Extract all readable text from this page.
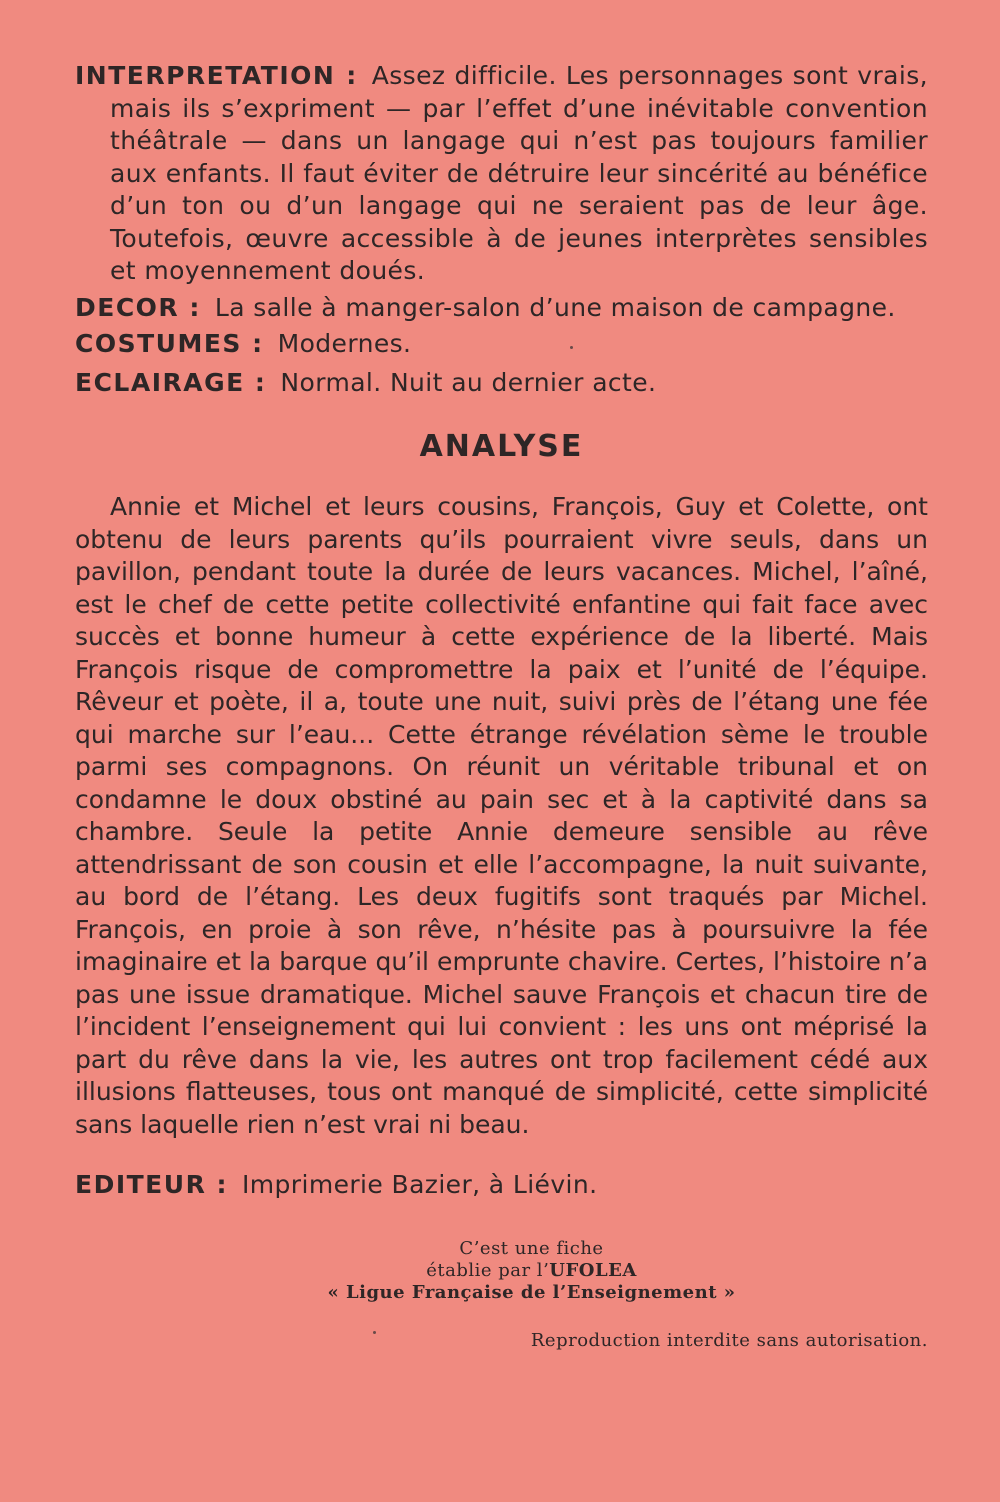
INTERPRETATION : Assez difficile. Les personnages sont vrais, mais ils s’expriment — par l’effet d’une inévitable convention théâtrale — dans un langage qui n’est pas toujours familier aux enfants. Il faut éviter de détruire leur sincérité au bénéfice d’un ton ou d’un langage qui ne seraient pas de leur âge. Toutefois, œuvre accessible à de jeunes interprètes sensibles et moyennement doués.

DECOR : La salle à manger-salon d’une maison de campagne.

COSTUMES : Modernes.

ECLAIRAGE : Normal. Nuit au dernier acte.

ANALYSE

Annie et Michel et leurs cousins, François, Guy et Colette, ont obtenu de leurs parents qu’ils pourraient vivre seuls, dans un pavillon, pendant toute la durée de leurs vacances. Michel, l’aîné, est le chef de cette petite collectivité enfantine qui fait face avec succès et bonne humeur à cette expérience de la liberté. Mais François risque de compromettre la paix et l’unité de l’équipe. Rêveur et poète, il a, toute une nuit, suivi près de l’étang une fée qui marche sur l’eau... Cette étrange révélation sème le trouble parmi ses compagnons. On réunit un véritable tribunal et on condamne le doux obstiné au pain sec et à la captivité dans sa chambre. Seule la petite Annie demeure sensible au rêve attendrissant de son cousin et elle l’accompagne, la nuit suivante, au bord de l’étang. Les deux fugitifs sont traqués par Michel. François, en proie à son rêve, n’hésite pas à poursuivre la fée imaginaire et la barque qu’il emprunte chavire. Certes, l’histoire n’a pas une issue dramatique. Michel sauve François et chacun tire de l’incident l’enseignement qui lui convient : les uns ont méprisé la part du rêve dans la vie, les autres ont trop facilement cédé aux illusions flatteuses, tous ont manqué de simplicité, cette simplicité sans laquelle rien n’est vrai ni beau.

EDITEUR : Imprimerie Bazier, à Liévin.

C’est une fiche
établie par l’UFOLEA
« Ligue Française de l’Enseignement »
Reproduction interdite sans autorisation.
